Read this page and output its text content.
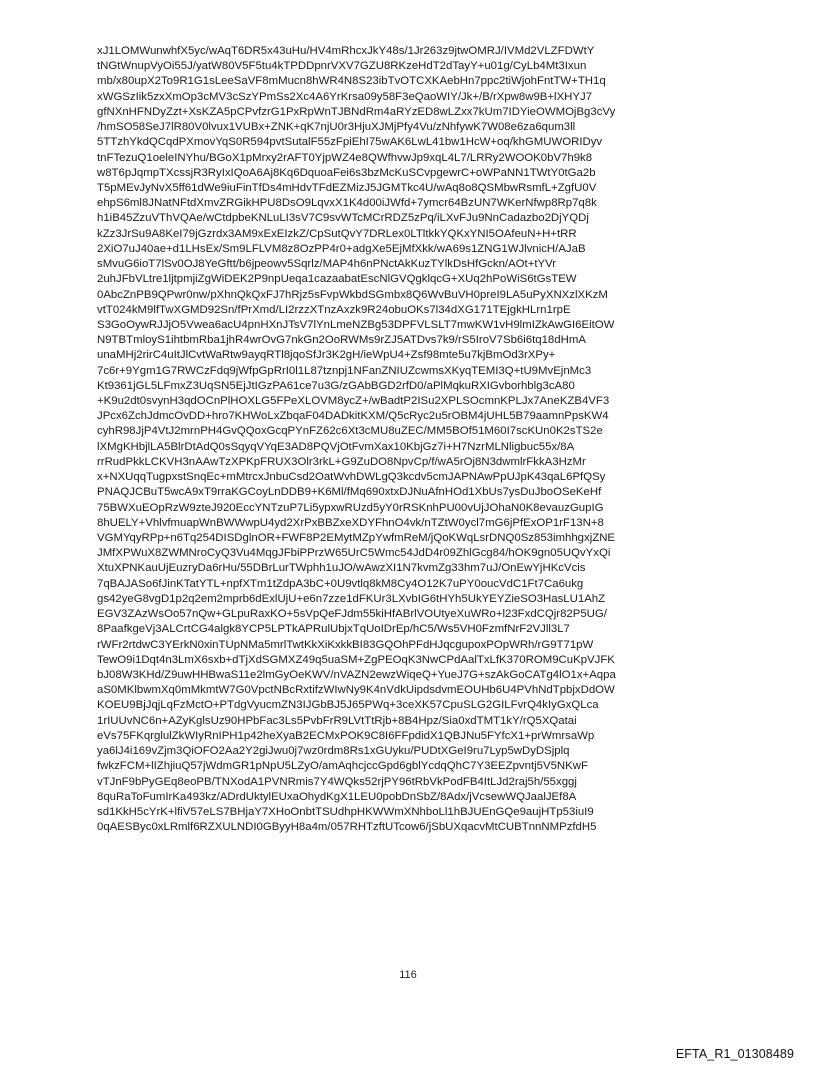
xJ1LOMWunwhfX5yc/wAqT6DR5x43uHu/HV4mRhcxJkY48s/1Jr263z9jtwOMRJ/IVMd2VLZFDWtY
tNGtWnupVyOi55J/yatW80V5F5tu4kTPDDpnrVXV7GZU8RKzeHdT2dTayY+u01g/CyLb4Mt3Ixun
mb/x80upX2To9R1G1sLeeSaVF8mMucn8hWR4N8S23ibTvOTCXKAebHn7ppc2tiWjohFntTW+TH1q
xWGSzIik5zxXmOp3cMV3cSzYPmSs2Xc4A6YrKrsa09y58F3eQaoWIY/Jk+/B/rXpw8w9B+lXHYJ7
gfNXnHFNDyZzt+XsKZA5pCPvfzrG1PxRpWnTJBNdRm4aRYzED8wLZxx7kUm7IDYieOWMOjBg3cVy
/hmSO58SeJ7lR80V0lvux1VUBx+ZNK+qK7njU0r3HjuXJMjPfy4Vu/zNhfywK7W08e6za6qum3ll
5TTzhYkdQCqdPXmovYqS0R594pvtSutalF55zFpiEhI75wAK6LwL41bw1HcW+oq/khGMUWORIDyv
tnFTezuQ1oeleINYhu/BGoX1pMrxy2rAFT0YjpWZ4e8QWfhvwJp9xqL4L7/LRRy2WOOK0bV7h9k8
w8T6pJqmpTXcssjR3RyIxIQoA6Aj8Kq6DquoaFei6s3bzMcKuSCvpgewrC+oWPaNN1TWtY0tGa2b
T5pMEvJyNvX5ff61dWe9iuFinTfDs4mHdvTFdEZMizJ5JGMTkc4U/wAq8o8QSMbwRsmfL+ZgfU0V
ehpS6ml8JNatNFtdXmvZRGikHPU8DsO9LqvxX1K4d00iJWfd+7ymcr64BzUN7WKerNfwp8Rp7q8k
h1iB45ZzuVThVQAe/wCtdpbeKNLuLI3sV7C9svWTcMCrRDZ5zPq/iLXvFJu9NnCadazbo2DjYQDj
kZz3JrSu9A8KeI79jGzrdx3AM9xExEIzkZ/CpSutQvY7DRLex0LTltkkYQKxYNI5OAfeuN+H+tRR
2XiO7uJ40ae+d1LHsEx/Sm9LFLVM8z8OzPP4r0+adgXe5EjMfXkk/wA69s1ZNG1WJlvnicH/AJaB
sMvuG6ioT7lSv0OJ8YeGftt/b6jpeowv5Sqrlz/MAP4h6nPNctAkKuzTYlkDsHfGckn/AOt+tYVr
2uhJFbVLtre1ljtpmjiZgWiDEK2P9npUeqa1cazaabatEscNlGVQgklqcG+XUq2hPoWiS6tGsTEW
0AbcZnPB9QPwr0nw/pXhnQkQxFJ7hRjz5sFvpWkbdSGmbx8Q6WvBuVH0preI9LA5uPyXNXzlXKzM
vtT024kM9lfTwXGMD92Sn/fPrXmd/LI2rzzXTnzAxzk9R24obuOKs7l34dXG171TEjgkHLrn1rpE
S3GoOywRJJjO5Vwea6acU4pnHXnJTsV7lYnLmeNZBg53DPFVLSLT7mwKW1vH9lmIZkAwGI6EitOW
N9TBTmloyS1ihtbmRba1jhR4wrOvG7nkGn2OoRWMs9rZJ5ATDvs7k9/rS5IroV7Sb6i6tq18dHmA
unaMHj2rirC4uItJlCvtWaRtw9ayqRTl8jqoSfJr3K2gH/ieWpU4+Zsf98mte5u7kjBmOd3rXPy+
7c6r+9Ygm1G7RWCzFdq9jWfpGpRrI0l1L87tznpj1NFanZNIUZcwmsXKyqTEMI3Q+tU9MvEjnMc3
Kt9361jGL5LFmxZ3UqSN5EjJtIGzPA61ce7u3G/zGAbBGD2rfD0/aPlMqkuRXIGvborhblg3cA80
+K9u2dt0svynH3qdOCnPlHOXLG5FPeXLOVM8ycZ+/wBadtP2ISu2XPLSOcmnKPLJx7AneKZB4VF3
JPcx6ZchJdmcOvDD+hro7KHWoLxZbqaF04DADkitKXM/Q5cRyc2u5rOBM4jUHL5B79aamnPpsKW4
cyhR98JjP4VtJ2mrnPH4GvQQoxGcqPYnFZ62c6Xt3cMU8uZEC/MM5BOf51M60I7scKUn0K2sTS2e
lXMgKHbjlLA5BlrDtAdQ0sSqyqVYqE3AD8PQVjOtFvmXax10KbjGz7i+H7NzrMLNligbuc55x/8A
rrRudPkkLCKVH3nAAwTzXPKpFRUX3Olr3rkL+G9ZuDO8NpvCp/f/wA5rOj8N3dwmlrFkkA3HzMr
x+NXUqqTugpxstSnqEc+mMtrcxJnbuCsd2OatWvhDWLgQ3kcdv5cmJAPNAwPpUJpK43qaL6PfQSy
PNAQJCBuT5wcA9xT9rraKGCoyLnDDB9+K6Ml/fMq690xtxDJNuAfnHOd1XbUs7ysDuJboOSeKeHf
75BWXuEOpRzW9zteJ920EccYNTzuP7Li5ypxwRUzd5yY0rRSKnhPU00vUjJOhaN0K8evauzGupIG
8hUELY+VhlvfmuapWnBWWwpU4yd2XrPxBBZxeXDYFhnO4vk/nTZtW0ycl7mG6jPfExOP1rF13N+8
VGMYqyRPp+n6Tq254DISDglnOR+FWF8P2EMytMZpYwfmReM/jQoKWqLsrDNQ0Sz853imhhgxjZNE
JMfXPWuX8ZWMNroCyQ3Vu4MqgJFbiPPrzW65UrC5Wmc54JdD4r09ZhlGcg84/hOK9gn05UQvYxQi
XtuXPNKauUjEuzryDa6rHu/55DBrLurTWphh1uJO/wAwzXI1N7kvmZg33hm7uJ/OnEwYjHKcVcis
7qBAJASo6fJinKTatYTL+npfXTm1tZdpA3bC+0U9vtlq8kM8Cy4O12K7uPY0oucVdC1Ft7Ca6ukg
gs42yeG8vgD1p2q2em2mprb6dExlUjU+e6n7zze1dFKUr3LXvbIG6tHYh5UkYEYZieSO3HasLU1AhZ
EGV3ZAzWsOo57nQw+GLpuRaxKO+5sVpQeFJdm55kiHfABrlVOUtyeXuWRo+l23FxdCQjr82P5UG/
8PaafkgeVj3ALCrtCG4algk8YCP5LPTkAPRulUbjxTqUoIDrEp/hC5/Ws5VH0FzmfNrF2VJll3L7
rWFr2rtdwC3YErkN0xinTUpNMa5mrlTwtKkXiKxkkBI83GQOhPFdHJqcgupoxPOpWRh/rG9T71pW
TewO9i1Dqt4n3LmX6sxb+dTjXdSGMXZ49q5uaSM+ZgPEOqK3NwCPdAalTxLfK370ROM9CuKpVJFK
bJ08W3KHd/Z9uwHHBwaS11e2lmGyOeKWV/nVAZN2ewzWiqeQ+YueJ7G+szAkGoCATg4lO1x+Aqpa
aS0MKlbwmXq0mMkmtW7G0VpctNBcRxtifzWIwNy9K4nVdkUipdsdvmEOUHb6U4PVhNdTpbjxDdOW
KOEU9BjJqjLqFzMctO+PTdgVyucmZN3IJGbBJ5J65PWq+3ceXK57CpuSLG2GILFvrQ4kIyGxQLca
1rIUUvNC6n+AZyKglsUz90HPbFac3Ls5PvbFrR9LVtTtRjb+8B4Hpz/Sia0xdTMT1kY/rQ5XQatai
eVs75FKqrglulZkWIyRnIPH1p42heXyaB2ECMxPOK9C8I6FFpdidX1QBJNu5FYfcX1+prWmrsaWp
ya6lJ4i169vZjm3QiOFO2Aa2Y2giJwu0j7wz0rdm8Rs1xGUyku/PUDtXGeI9ru7Lyp5wDyDSjplq
fwkzFCM+lIZhjiuQ57jWdmGR1pNpU5LZyO/amAqhcjccGpd6gblYcdqQhC7Y3EEZpvntj5V5NKwF
vTJnF9bPyGEq8eoPB/TNXodA1PVNRmis7Y4WQks52rjPY96tRbVkPodFB4ItLJd2raj5h/55xggj
8quRaToFumIrKa493kz/ADrdUktylEUxaOhydKgX1LEU0pobDnSbZ/8Adx/jVcsewWQJaalJEf8A
sd1KkH5cYrK+lfiV57eLS7BHjaY7XHoOnbtTSUdhpHKWWmXNhboLl1hBJUEnGQe9aujHTp53iuI9
0qAESByc0xLRmlf6RZXULNDI0GByyH8a4m/057RHTzftUTcow6/jSbUXqacvMtCUBTnnNMPzfdH5
116
EFTA_R1_01308489
